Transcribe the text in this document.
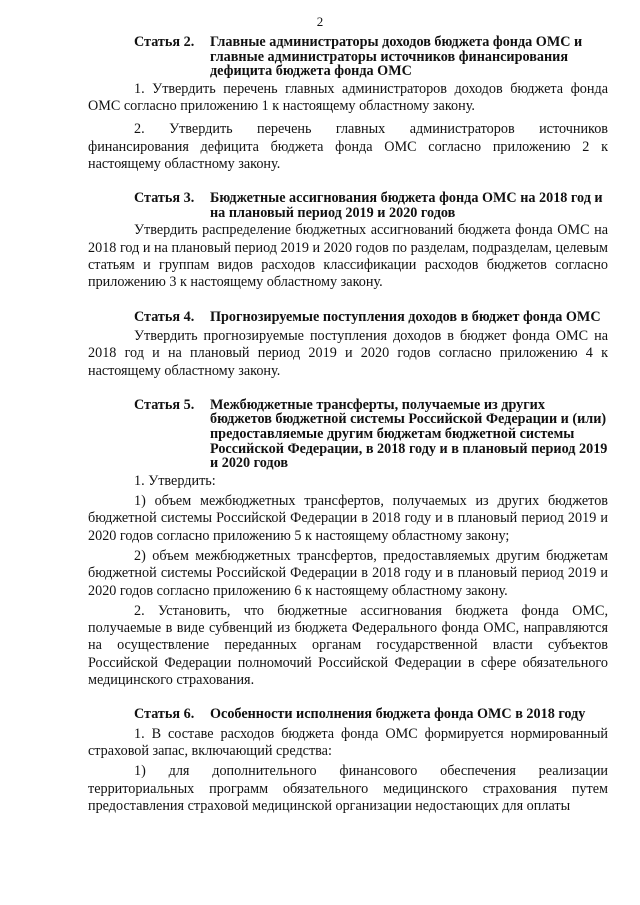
2
Статья 2.	Главные администраторы доходов бюджета фонда ОМС и главные администраторы источников финансирования дефицита бюджета фонда ОМС

1. Утвердить перечень главных администраторов доходов бюджета фонда ОМС согласно приложению 1 к настоящему областному закону.

2. Утвердить перечень главных администраторов источников финансирования дефицита бюджета фонда ОМС согласно приложению 2 к настоящему областному закону.

Статья 3.	Бюджетные ассигнования бюджета фонда ОМС на 2018 год и на плановый период 2019 и 2020 годов

Утвердить распределение бюджетных ассигнований бюджета фонда ОМС на 2018 год и на плановый период 2019 и 2020 годов по разделам, подразделам, целевым статьям и группам видов расходов классификации расходов бюджетов согласно приложению 3 к настоящему областному закону.

Статья 4.	Прогнозируемые поступления доходов в бюджет фонда ОМС

Утвердить прогнозируемые поступления доходов в бюджет фонда ОМС на 2018 год и на плановый период 2019 и 2020 годов согласно приложению 4 к настоящему областному закону.

Статья 5.	Межбюджетные трансферты, получаемые из других бюджетов бюджетной системы Российской Федерации и (или) предоставляемые другим бюджетам бюджетной системы Российской Федерации, в 2018 году и в плановый период 2019 и 2020 годов

1. Утвердить:

1) объем межбюджетных трансфертов, получаемых из других бюджетов бюджетной системы Российской Федерации в 2018 году и в плановый период 2019 и 2020 годов согласно приложению 5 к настоящему областному закону;

2) объем межбюджетных трансфертов, предоставляемых другим бюджетам бюджетной системы Российской Федерации в 2018 году и в плановый период 2019 и 2020 годов согласно приложению 6 к настоящему областному закону.

2. Установить, что бюджетные ассигнования бюджета фонда ОМС, получаемые в виде субвенций из бюджета Федерального фонда ОМС, направляются на осуществление переданных органам государственной власти субъектов Российской Федерации полномочий Российской Федерации в сфере обязательного медицинского страхования.

Статья 6.	Особенности исполнения бюджета фонда ОМС в 2018 году

1. В составе расходов бюджета фонда ОМС формируется нормированный страховой запас, включающий средства:

1) для дополнительного финансового обеспечения реализации территориальных программ обязательного медицинского страхования путем предоставления страховой медицинской организации недостающих для оплаты
